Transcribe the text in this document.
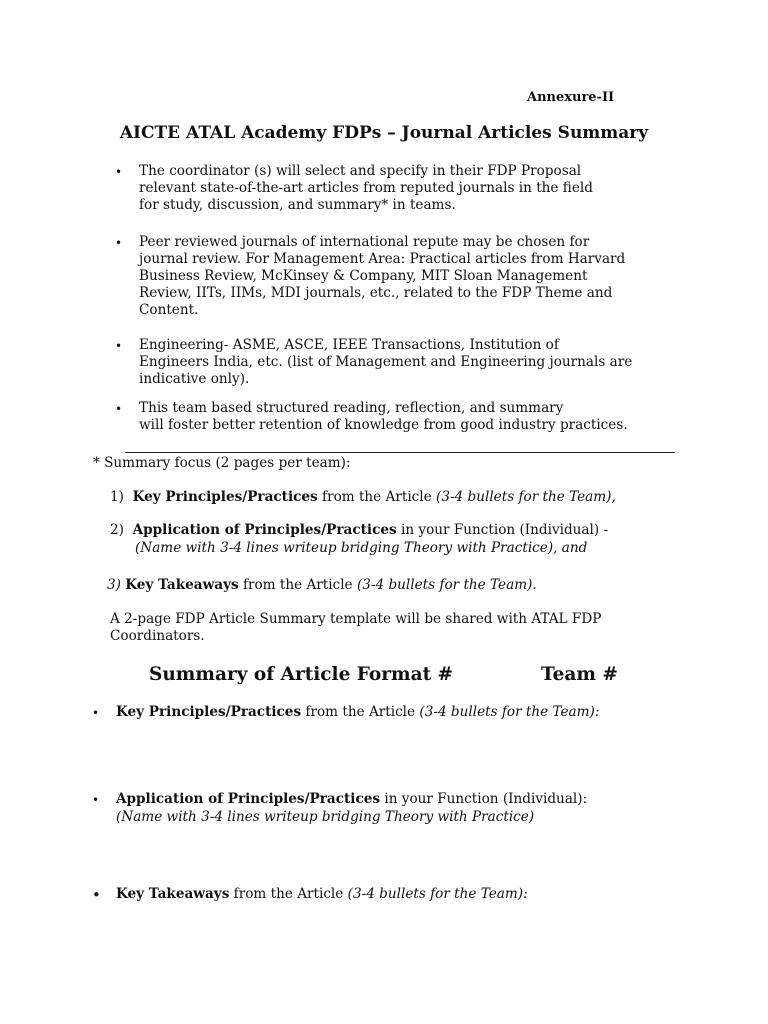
Annexure-II
AICTE ATAL Academy FDPs – Journal Articles Summary
• The coordinator (s) will select and specify in their FDP Proposal
relevant state-of-the-art articles from reputed journals in the field
for study, discussion, and summary* in teams.
• Peer reviewed journals of international repute may be chosen for
journal review. For Management Area: Practical articles from Harvard
Business Review, McKinsey & Company, MIT Sloan Management
Review, IITs, IIMs, MDI journals, etc., related to the FDP Theme and
Content.
• Engineering- ASME, ASCE, IEEE Transactions, Institution of
Engineers India, etc. (list of Management and Engineering journals are
indicative only).
• This team based structured reading, reflection, and summary
will foster better retention of knowledge from good industry practices.
* Summary focus (2 pages per team):
1) Key Principles/Practices from the Article (3-4 bullets for the Team),
2) Application of Principles/Practices in your Function (Individual) -
(Name with 3-4 lines writeup bridging Theory with Practice), and
3) Key Takeaways from the Article (3-4 bullets for the Team).
A 2-page FDP Article Summary template will be shared with ATAL FDP
Coordinators.
Summary of Article Format #	Team #
• Key Principles/Practices from the Article (3-4 bullets for the Team):
• Application of Principles/Practices in your Function (Individual):
(Name with 3-4 lines writeup bridging Theory with Practice)
• Key Takeaways from the Article (3-4 bullets for the Team):
